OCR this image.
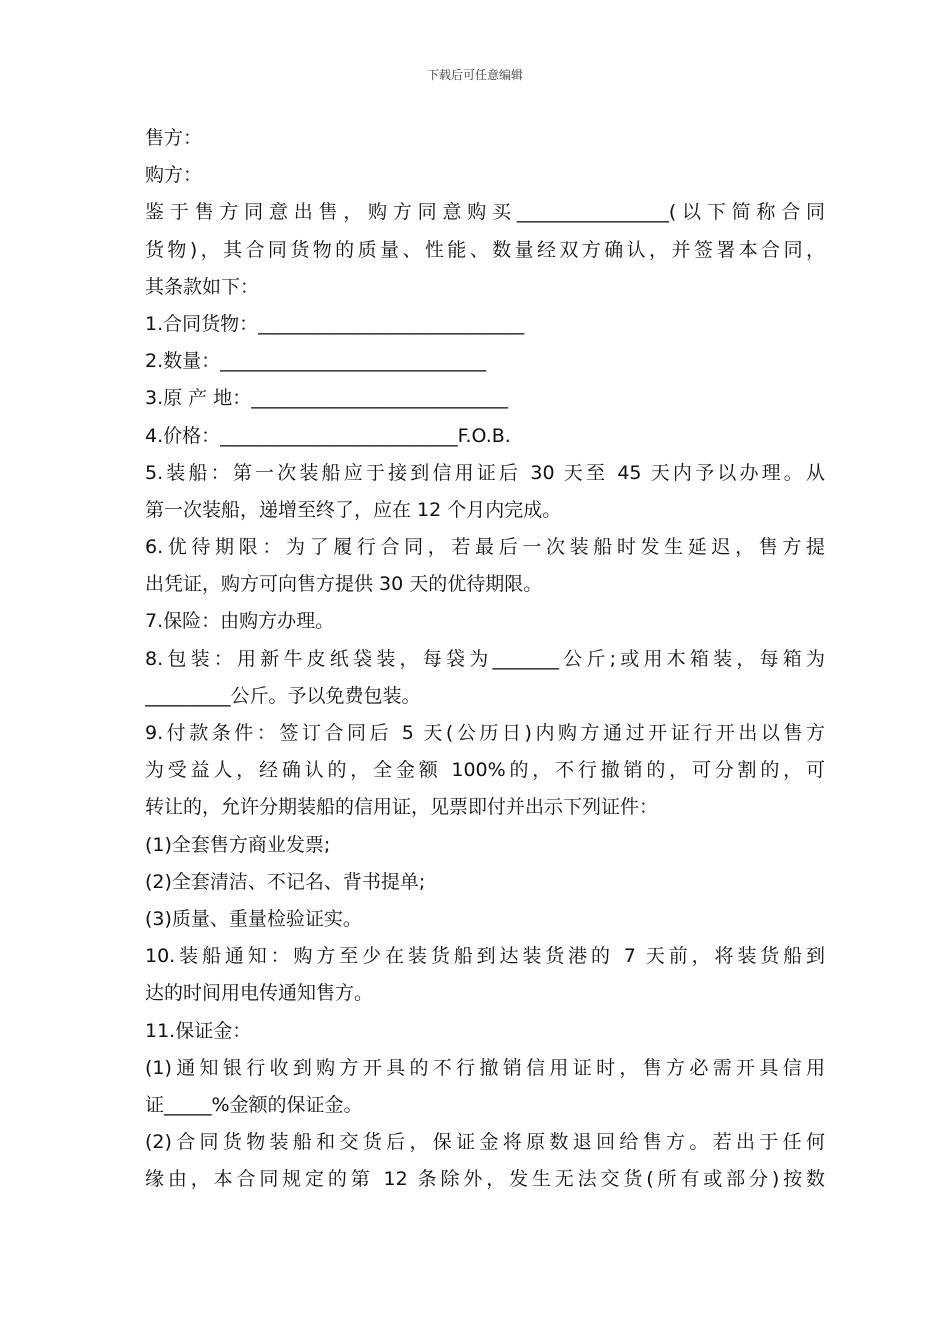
下载后可任意编辑
售方：
购方：
鉴于售方同意出售，购方同意购买________________(以下简称合同
货物)，其合同货物的质量、性能、数量经双方确认，并签署本合同，
其条款如下：
1.合同货物：____________________________
2.数量：____________________________
3.原 产 地：___________________________
4.价格：_________________________F.O.B.
5.装船：第一次装船应于接到信用证后 30 天至 45 天内予以办理。从
第一次装船，递增至终了，应在 12 个月内完成。
6.优待期限：为了履行合同，若最后一次装船时发生延迟，售方提
出凭证，购方可向售方提供 30 天的优待期限。
7.保险：由购方办理。
8.包装：用新牛皮纸袋装，每袋为_______公斤;或用木箱装，每箱为
_________公斤。予以免费包装。
9.付款条件：签订合同后 5 天(公历日)内购方通过开证行开出以售方
为受益人，经确认的，全金额 100%的，不行撤销的，可分割的，可
转让的，允许分期装船的信用证，见票即付并出示下列证件：
(1)全套售方商业发票;
(2)全套清洁、不记名、背书提单;
(3)质量、重量检验证实。
10.装船通知：购方至少在装货船到达装货港的 7 天前，将装货船到
达的时间用电传通知售方。
11.保证金：
(1)通知银行收到购方开具的不行撤销信用证时，售方必需开具信用
证_____%金额的保证金。
(2)合同货物装船和交货后，保证金将原数退回给售方。若出于任何
缘由，本合同规定的第 12 条除外，发生无法交货(所有或部分)按数
